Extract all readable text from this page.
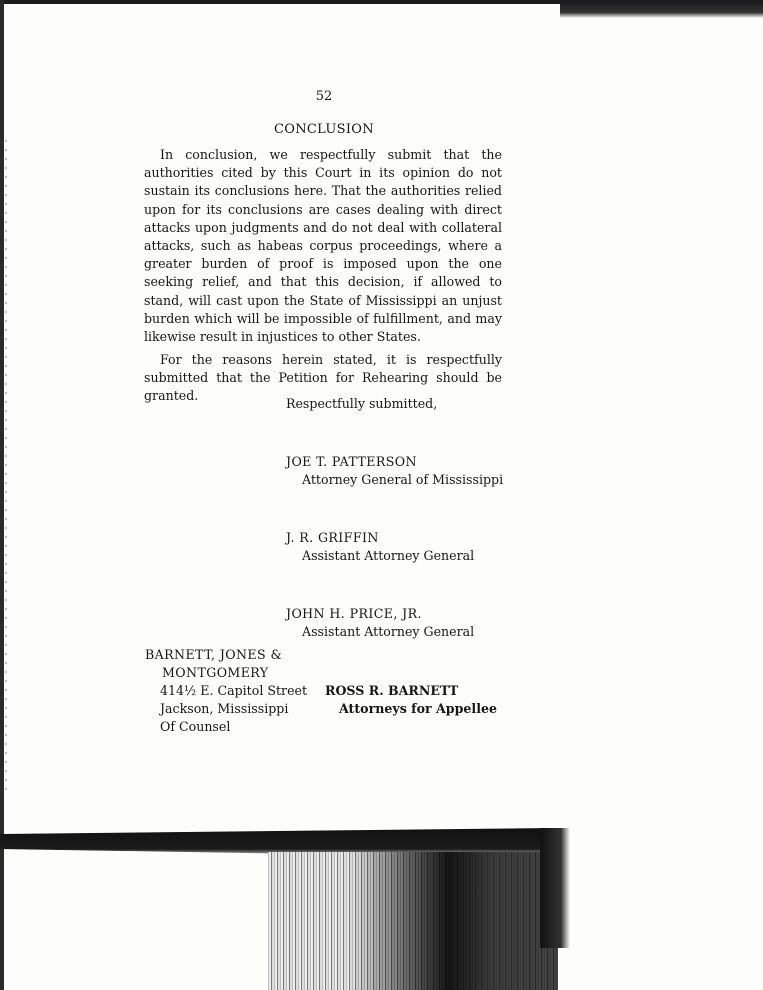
52
CONCLUSION

In conclusion, we respectfully submit that the authorities cited by this Court in its opinion do not sustain its conclusions here. That the authorities relied upon for its conclusions are cases dealing with direct attacks upon judgments and do not deal with collateral attacks, such as habeas corpus proceedings, where a greater burden of proof is imposed upon the one seeking relief, and that this decision, if allowed to stand, will cast upon the State of Mississippi an unjust burden which will be impossible of fulfillment, and may likewise result in injustices to other States.

For the reasons herein stated, it is respectfully submitted that the Petition for Rehearing should be granted.

Respectfully submitted,
JOE T. PATTERSON
Attorney General of Mississippi
J. R. GRIFFIN
Assistant Attorney General
JOHN H. PRICE, JR.
Assistant Attorney General
BARNETT, JONES &
MONTGOMERY
414½ E. Capitol Street
Jackson, Mississippi
Of Counsel
ROSS R. BARNETT
Attorneys for Appellee
